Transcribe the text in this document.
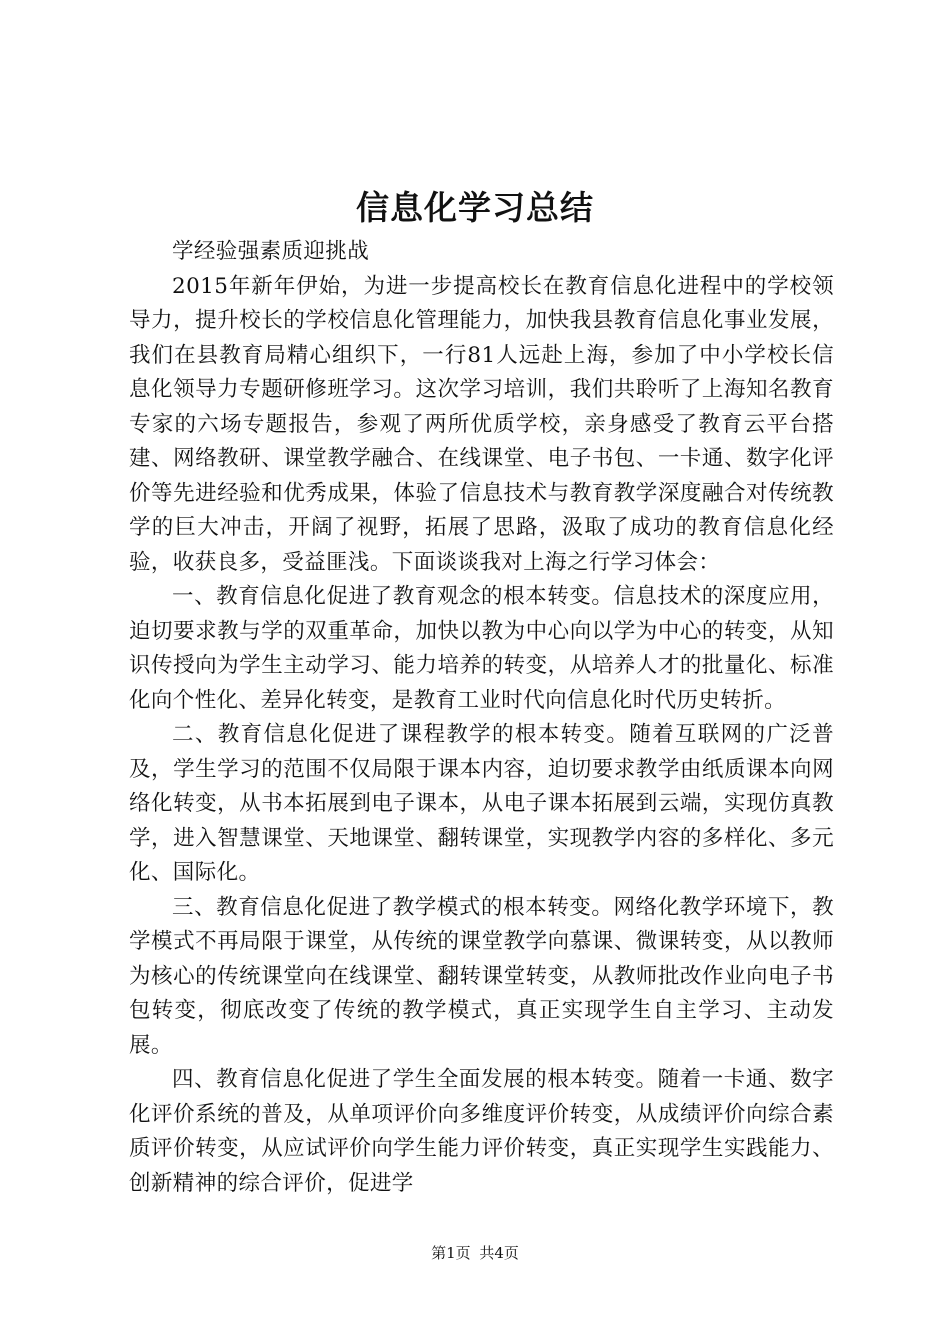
信息化学习总结

学经验强素质迎挑战

2015年新年伊始，为进一步提高校长在教育信息化进程中的学校领导力，提升校长的学校信息化管理能力，加快我县教育信息化事业发展，我们在县教育局精心组织下，一行81人远赴上海，参加了中小学校长信息化领导力专题研修班学习。这次学习培训，我们共聆听了上海知名教育专家的六场专题报告，参观了两所优质学校，亲身感受了教育云平台搭建、网络教研、课堂教学融合、在线课堂、电子书包、一卡通、数字化评价等先进经验和优秀成果，体验了信息技术与教育教学深度融合对传统教学的巨大冲击，开阔了视野，拓展了思路，汲取了成功的教育信息化经验，收获良多，受益匪浅。下面谈谈我对上海之行学习体会：

一、教育信息化促进了教育观念的根本转变。信息技术的深度应用，迫切要求教与学的双重革命，加快以教为中心向以学为中心的转变，从知识传授向为学生主动学习、能力培养的转变，从培养人才的批量化、标准化向个性化、差异化转变，是教育工业时代向信息化时代历史转折。

二、教育信息化促进了课程教学的根本转变。随着互联网的广泛普及，学生学习的范围不仅局限于课本内容，迫切要求教学由纸质课本向网络化转变，从书本拓展到电子课本，从电子课本拓展到云端，实现仿真教学，进入智慧课堂、天地课堂、翻转课堂，实现教学内容的多样化、多元化、国际化。

三、教育信息化促进了教学模式的根本转变。网络化教学环境下，教学模式不再局限于课堂，从传统的课堂教学向慕课、微课转变，从以教师为核心的传统课堂向在线课堂、翻转课堂转变，从教师批改作业向电子书包转变，彻底改变了传统的教学模式，真正实现学生自主学习、主动发展。

四、教育信息化促进了学生全面发展的根本转变。随着一卡通、数字化评价系统的普及，从单项评价向多维度评价转变，从成绩评价向综合素质评价转变，从应试评价向学生能力评价转变，真正实现学生实践能力、创新精神的综合评价，促进学

第1页 共4页
